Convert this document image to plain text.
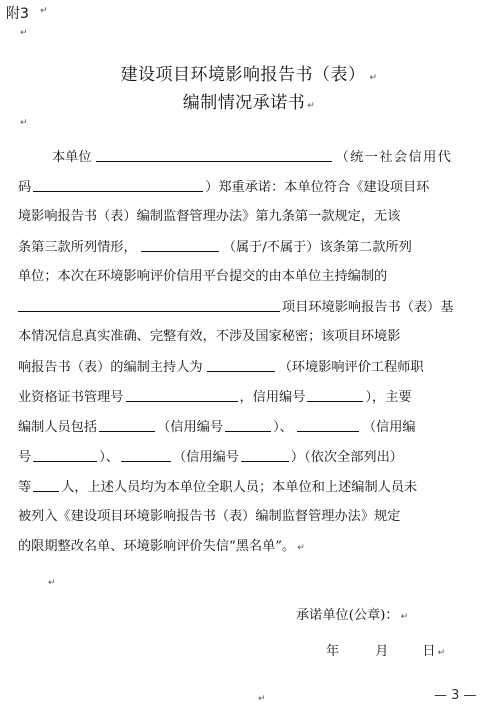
附3 ↵
↵
建设项目环境影响报告书（表） ↵
编制情况承诺书 ↵
↵
本单位	（统一社会信用代
码	）郑重承诺：本单位符合《建设项目环
境影响报告书（表）编制监督管理办法》第九条第一款规定，无该
条第三款所列情形，	（属于/不属于）该条第二款所列
单位；本次在环境影响评价信用平台提交的由本单位主持编制的
项目环境影响报告书（表）基
本情况信息真实准确、完整有效，不涉及国家秘密；该项目环境影
响报告书（表）的编制主持人为	（环境影响评价工程师职
业资格证书管理号	，信用编号	），主要
编制人员包括	（信用编号	）、	（信用编
号	）、	（信用编号	）（依次全部列出）
等 人，上述人员均为本单位全职人员；本单位和上述编制人员未
被列入《建设项目环境影响报告书（表）编制监督管理办法》规定
的限期整改名单、环境影响评价失信“黑名单”。 ↵
↵
承诺单位(公章)： ↵
年	月	日 ↵
— 3 —
↵
